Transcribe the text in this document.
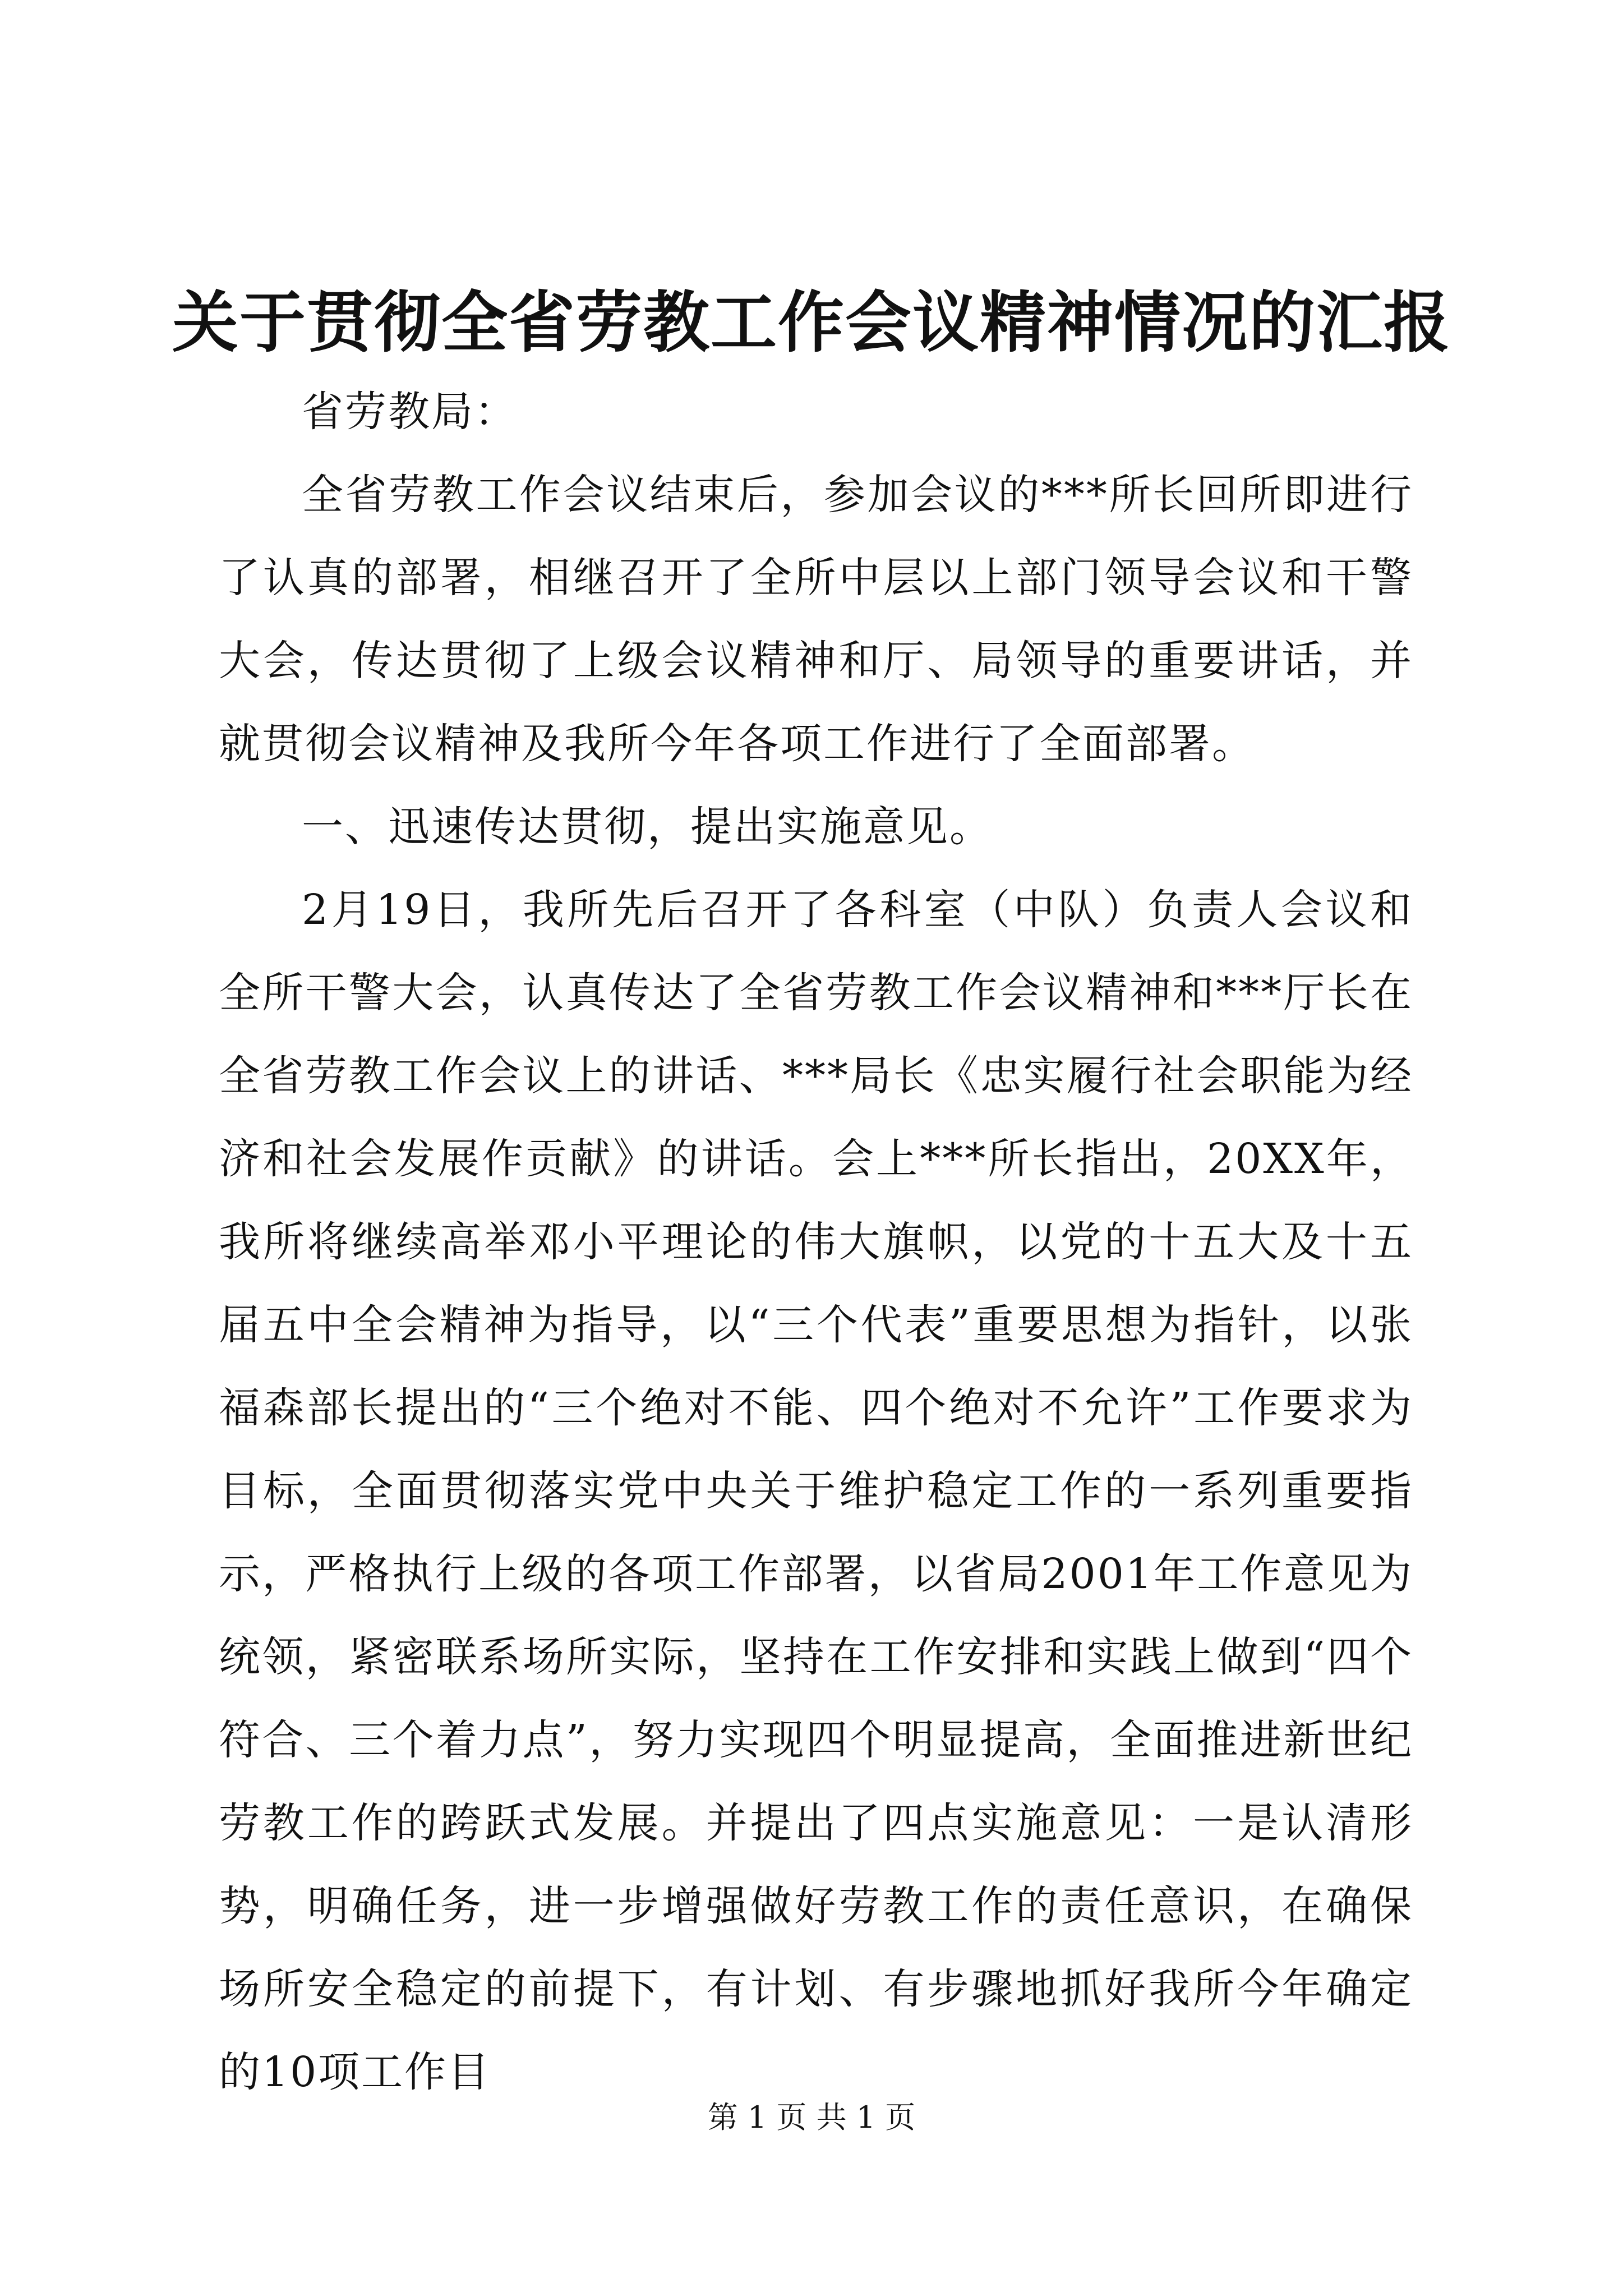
关于贯彻全省劳教工作会议精神情况的汇报

省劳教局：

全省劳教工作会议结束后，参加会议的***所长回所即进行了认真的部署，相继召开了全所中层以上部门领导会议和干警大会，传达贯彻了上级会议精神和厅、局领导的重要讲话，并就贯彻会议精神及我所今年各项工作进行了全面部署。

一、迅速传达贯彻，提出实施意见。

2月19日，我所先后召开了各科室（中队）负责人会议和全所干警大会，认真传达了全省劳教工作会议精神和***厅长在全省劳教工作会议上的讲话、***局长《忠实履行社会职能为经济和社会发展作贡献》的讲话。会上***所长指出，20XX年，我所将继续高举邓小平理论的伟大旗帜，以党的十五大及十五届五中全会精神为指导，以“三个代表”重要思想为指针，以张福森部长提出的“三个绝对不能、四个绝对不允许”工作要求为目标，全面贯彻落实党中央关于维护稳定工作的一系列重要指示，严格执行上级的各项工作部署，以省局2001年工作意见为统领，紧密联系场所实际，坚持在工作安排和实践上做到“四个符合、三个着力点”，努力实现四个明显提高，全面推进新世纪劳教工作的跨跃式发展。并提出了四点实施意见：一是认清形势，明确任务，进一步增强做好劳教工作的责任意识，在确保场所安全稳定的前提下，有计划、有步骤地抓好我所今年确定的10项工作目

第 1 页 共 1 页
